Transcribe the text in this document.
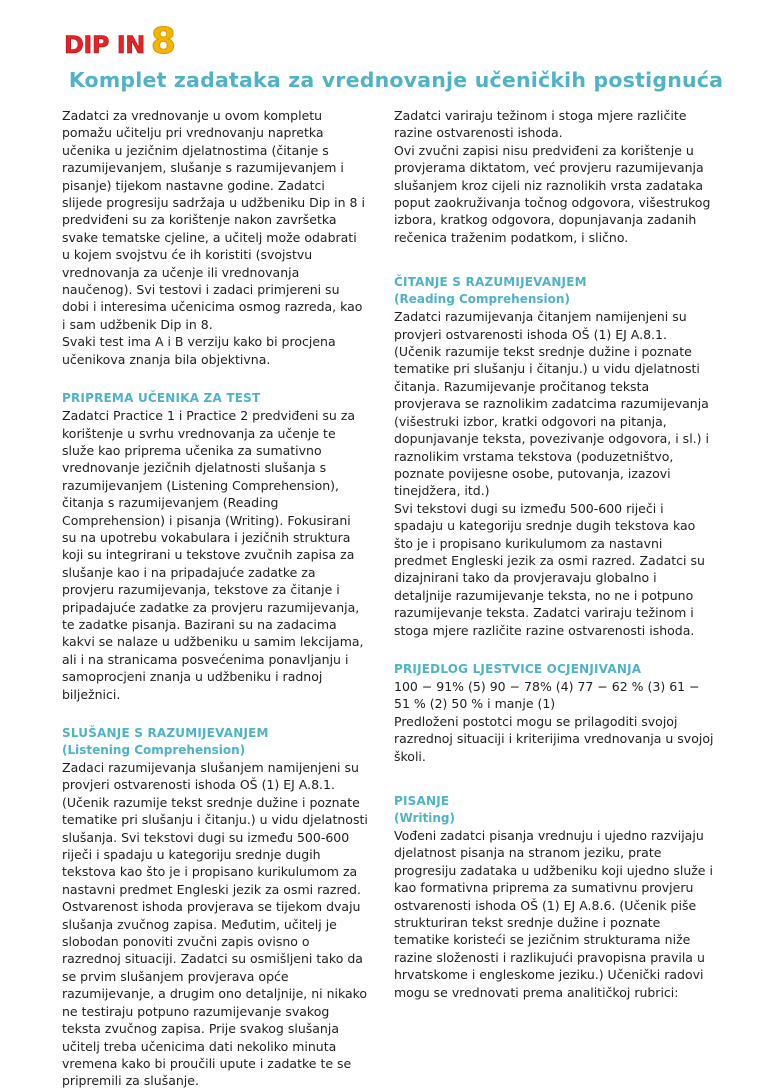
DIP IN 8
Komplet zadataka za vrednovanje učeničkih postignuća

Zadatci za vrednovanje u ovom kompletu pomažu učitelju pri vrednovanju napretka učenika u jezičnim djelatnostima (čitanje s razumijevanjem, slušanje s razumijevanjem i pisanje) tijekom nastavne godine. Zadatci slijede progresiju sadržaja u udžbeniku Dip in 8 i predviđeni su za korištenje nakon završetka svake tematske cjeline, a učitelj može odabrati u kojem svojstvu će ih koristiti (svojstvu vrednovanja za učenje ili vrednovanja naučenog). Svi testovi i zadaci primjereni su dobi i interesima učenicima osmog razreda, kao i sam udžbenik Dip in 8.

Svaki test ima A i B verziju kako bi procjena učenikova znanja bila objektivna.

PRIPREMA UČENIKA ZA TEST

Zadatci Practice 1 i Practice 2 predviđeni su za korištenje u svrhu vrednovanja za učenje te služe kao priprema učenika za sumativno vrednovanje jezičnih djelatnosti slušanja s razumijevanjem (Listening Comprehension), čitanja s razumijevanjem (Reading Comprehension) i pisanja (Writing). Fokusirani su na upotrebu vokabulara i jezičnih struktura koji su integrirani u tekstove zvučnih zapisa za slušanje kao i na pripadajuće zadatke za provjeru razumijevanja, tekstove za čitanje i pripadajuće zadatke za provjeru razumijevanja, te zadatke pisanja. Bazirani su na zadacima kakvi se nalaze u udžbeniku u samim lekcijama, ali i na stranicama posvećenima ponavljanju i samoprocjeni znanja u udžbeniku i radnoj bilježnici.

SLUŠANJE S RAZUMIJEVANJEM
(Listening Comprehension)

Zadaci razumijevanja slušanjem namijenjeni su provjeri ostvarenosti ishoda OŠ (1) EJ A.8.1. (Učenik razumije tekst srednje dužine i poznate tematike pri slušanju i čitanju.) u vidu djelatnosti slušanja. Svi tekstovi dugi su između 500-600 riječi i spadaju u kategoriju srednje dugih tekstova kao što je i propisano kurikulumom za nastavni predmet Engleski jezik za osmi razred. Ostvarenost ishoda provjerava se tijekom dvaju slušanja zvučnog zapisa. Međutim, učitelj je slobodan ponoviti zvučni zapis ovisno o razrednoj situaciji. Zadatci su osmišljeni tako da se prvim slušanjem provjerava opće razumijevanje, a drugim ono detaljnije, ni nikako ne testiraju potpuno razumijevanje svakog teksta zvučnog zapisa. Prije svakog slušanja učitelj treba učenicima dati nekoliko minuta vremena kako bi proučili upute i zadatke te se pripremili za slušanje.

Zadatci variraju težinom i stoga mjere različite razine ostvarenosti ishoda.

Ovi zvučni zapisi nisu predviđeni za korištenje u provjerama diktatom, već provjeru razumijevanja slušanjem kroz cijeli niz raznolikih vrsta zadataka poput zaokruživanja točnog odgovora, višestrukog izbora, kratkog odgovora, dopunjavanja zadanih rečenica traženim podatkom, i slično.

ČITANJE S RAZUMIJEVANJEM
(Reading Comprehension)

Zadatci razumijevanja čitanjem namijenjeni su provjeri ostvarenosti ishoda OŠ (1) EJ A.8.1. (Učenik razumije tekst srednje dužine i poznate tematike pri slušanju i čitanju.) u vidu djelatnosti čitanja. Razumijevanje pročitanog teksta provjerava se raznolikim zadatcima razumijevanja (višestruki izbor, kratki odgovori na pitanja, dopunjavanje teksta, povezivanje odgovora, i sl.) i raznolikim vrstama tekstova (poduzetništvo, poznate povijesne osobe, putovanja, izazovi tinejdžera, itd.)

Svi tekstovi dugi su između 500-600 riječi i spadaju u kategoriju srednje dugih tekstova kao što je i propisano kurikulumom za nastavni predmet Engleski jezik za osmi razred. Zadatci su dizajnirani tako da provjeravaju globalno i detaljnije razumijevanje teksta, no ne i potpuno razumijevanje teksta. Zadatci variraju težinom i stoga mjere različite razine ostvarenosti ishoda.

PRIJEDLOG LJESTVICE OCJENJIVANJA

100 − 91% (5) 90 − 78% (4) 77 − 62 % (3) 61 − 51 % (2) 50 % i manje (1)

Predloženi postotci mogu se prilagoditi svojoj razrednoj situaciji i kriterijima vrednovanja u svojoj školi.

PISANJE
(Writing)

Vođeni zadatci pisanja vrednuju i ujedno razvijaju djelatnost pisanja na stranom jeziku, prate progresiju zadataka u udžbeniku koji ujedno služe i kao formativna priprema za sumativnu provjeru ostvarenosti ishoda OŠ (1) EJ A.8.6. (Učenik piše strukturiran tekst srednje dužine i poznate tematike koristeći se jezičnim strukturama niže razine složenosti i razlikujući pravopisna pravila u hrvatskome i engleskome jeziku.) Učenički radovi mogu se vrednovati prema analitičkoj rubrici:
